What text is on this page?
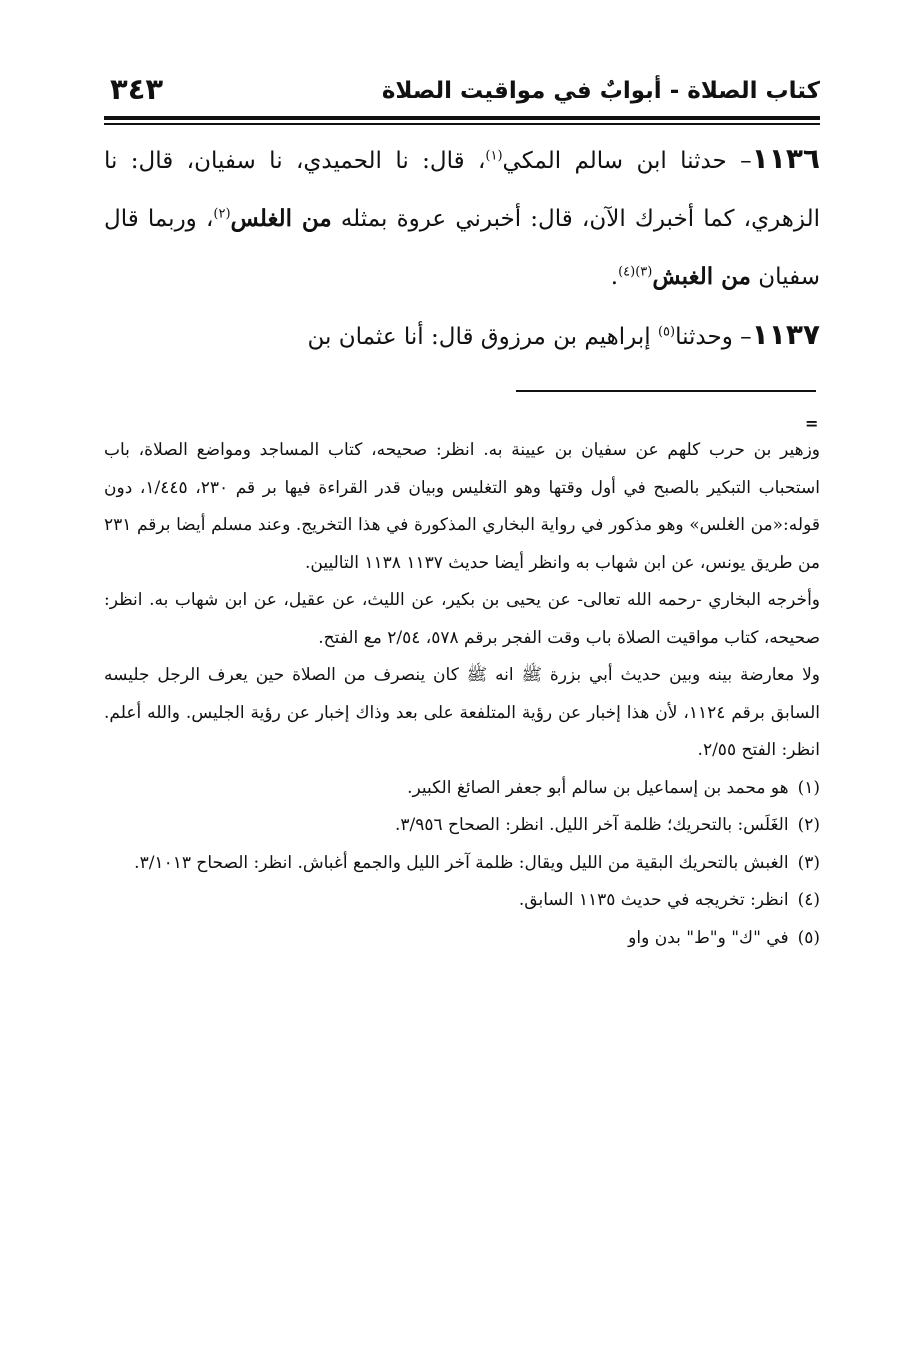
كتاب الصلاة - أبوابٌ في مواقيت الصلاة
٣٤٣

١١٣٦– حدثنا ابن سالم المكي$^{(١)}$، قال: نا الحميدي، نا سفيان، قال: نا الزهري، كما أخبرك الآن، قال: أخبرني عروة بمثله من الغلس$^{(٢)}$، وربما قال سفيان من الغبش$^{(٣)(٤)}$.

١١٣٧– وحدثنا$^{(٥)}$ إبراهيم بن مرزوق قال: أنا عثمان بن

=

وزهير بن حرب كلهم عن سفيان بن عيينة به. انظر: صحيحه، كتاب المساجد ومواضع الصلاة، باب استحباب التبكير بالصبح في أول وقتها وهو التغليس وبيان قدر القراءة فيها بر قم ٢٣٠، ١/٤٤٥، دون قوله:«من الغلس» وهو مذكور في رواية البخاري المذكورة في هذا التخريج. وعند مسلم أيضا برقم ٢٣١ من طريق يونس، عن ابن شهاب به وانظر أيضا حديث ١١٣٧ ١١٣٨ التاليين.

وأخرجه البخاري -رحمه الله تعالى- عن يحيى بن بكير، عن الليث، عن عقيل، عن ابن شهاب به. انظر: صحيحه، كتاب مواقيت الصلاة باب وقت الفجر برقم ٥٧٨، ٢/٥٤ مع الفتح.

ولا معارضة بينه وبين حديث أبي بزرة ﷺ انه ﷺ كان ينصرف من الصلاة حين يعرف الرجل جليسه السابق برقم ١١٢٤، لأن هذا إخبار عن رؤية المتلفعة على بعد وذاك إخبار عن رؤية الجليس. والله أعلم. انظر: الفتح ٢/٥٥.

(١) هو محمد بن إسماعيل بن سالم أبو جعفر الصائغ الكبير.

(٢) الغَلَس: بالتحريك؛ ظلمة آخر الليل. انظر: الصحاح ٣/٩٥٦.

(٣) الغبش بالتحريك البقية من الليل ويقال: ظلمة آخر الليل والجمع أغباش. انظر: الصحاح ٣/١٠١٣.

(٤) انظر: تخريجه في حديث ١١٣٥ السابق.

(٥) في "ك" و"ط" بدن واو
